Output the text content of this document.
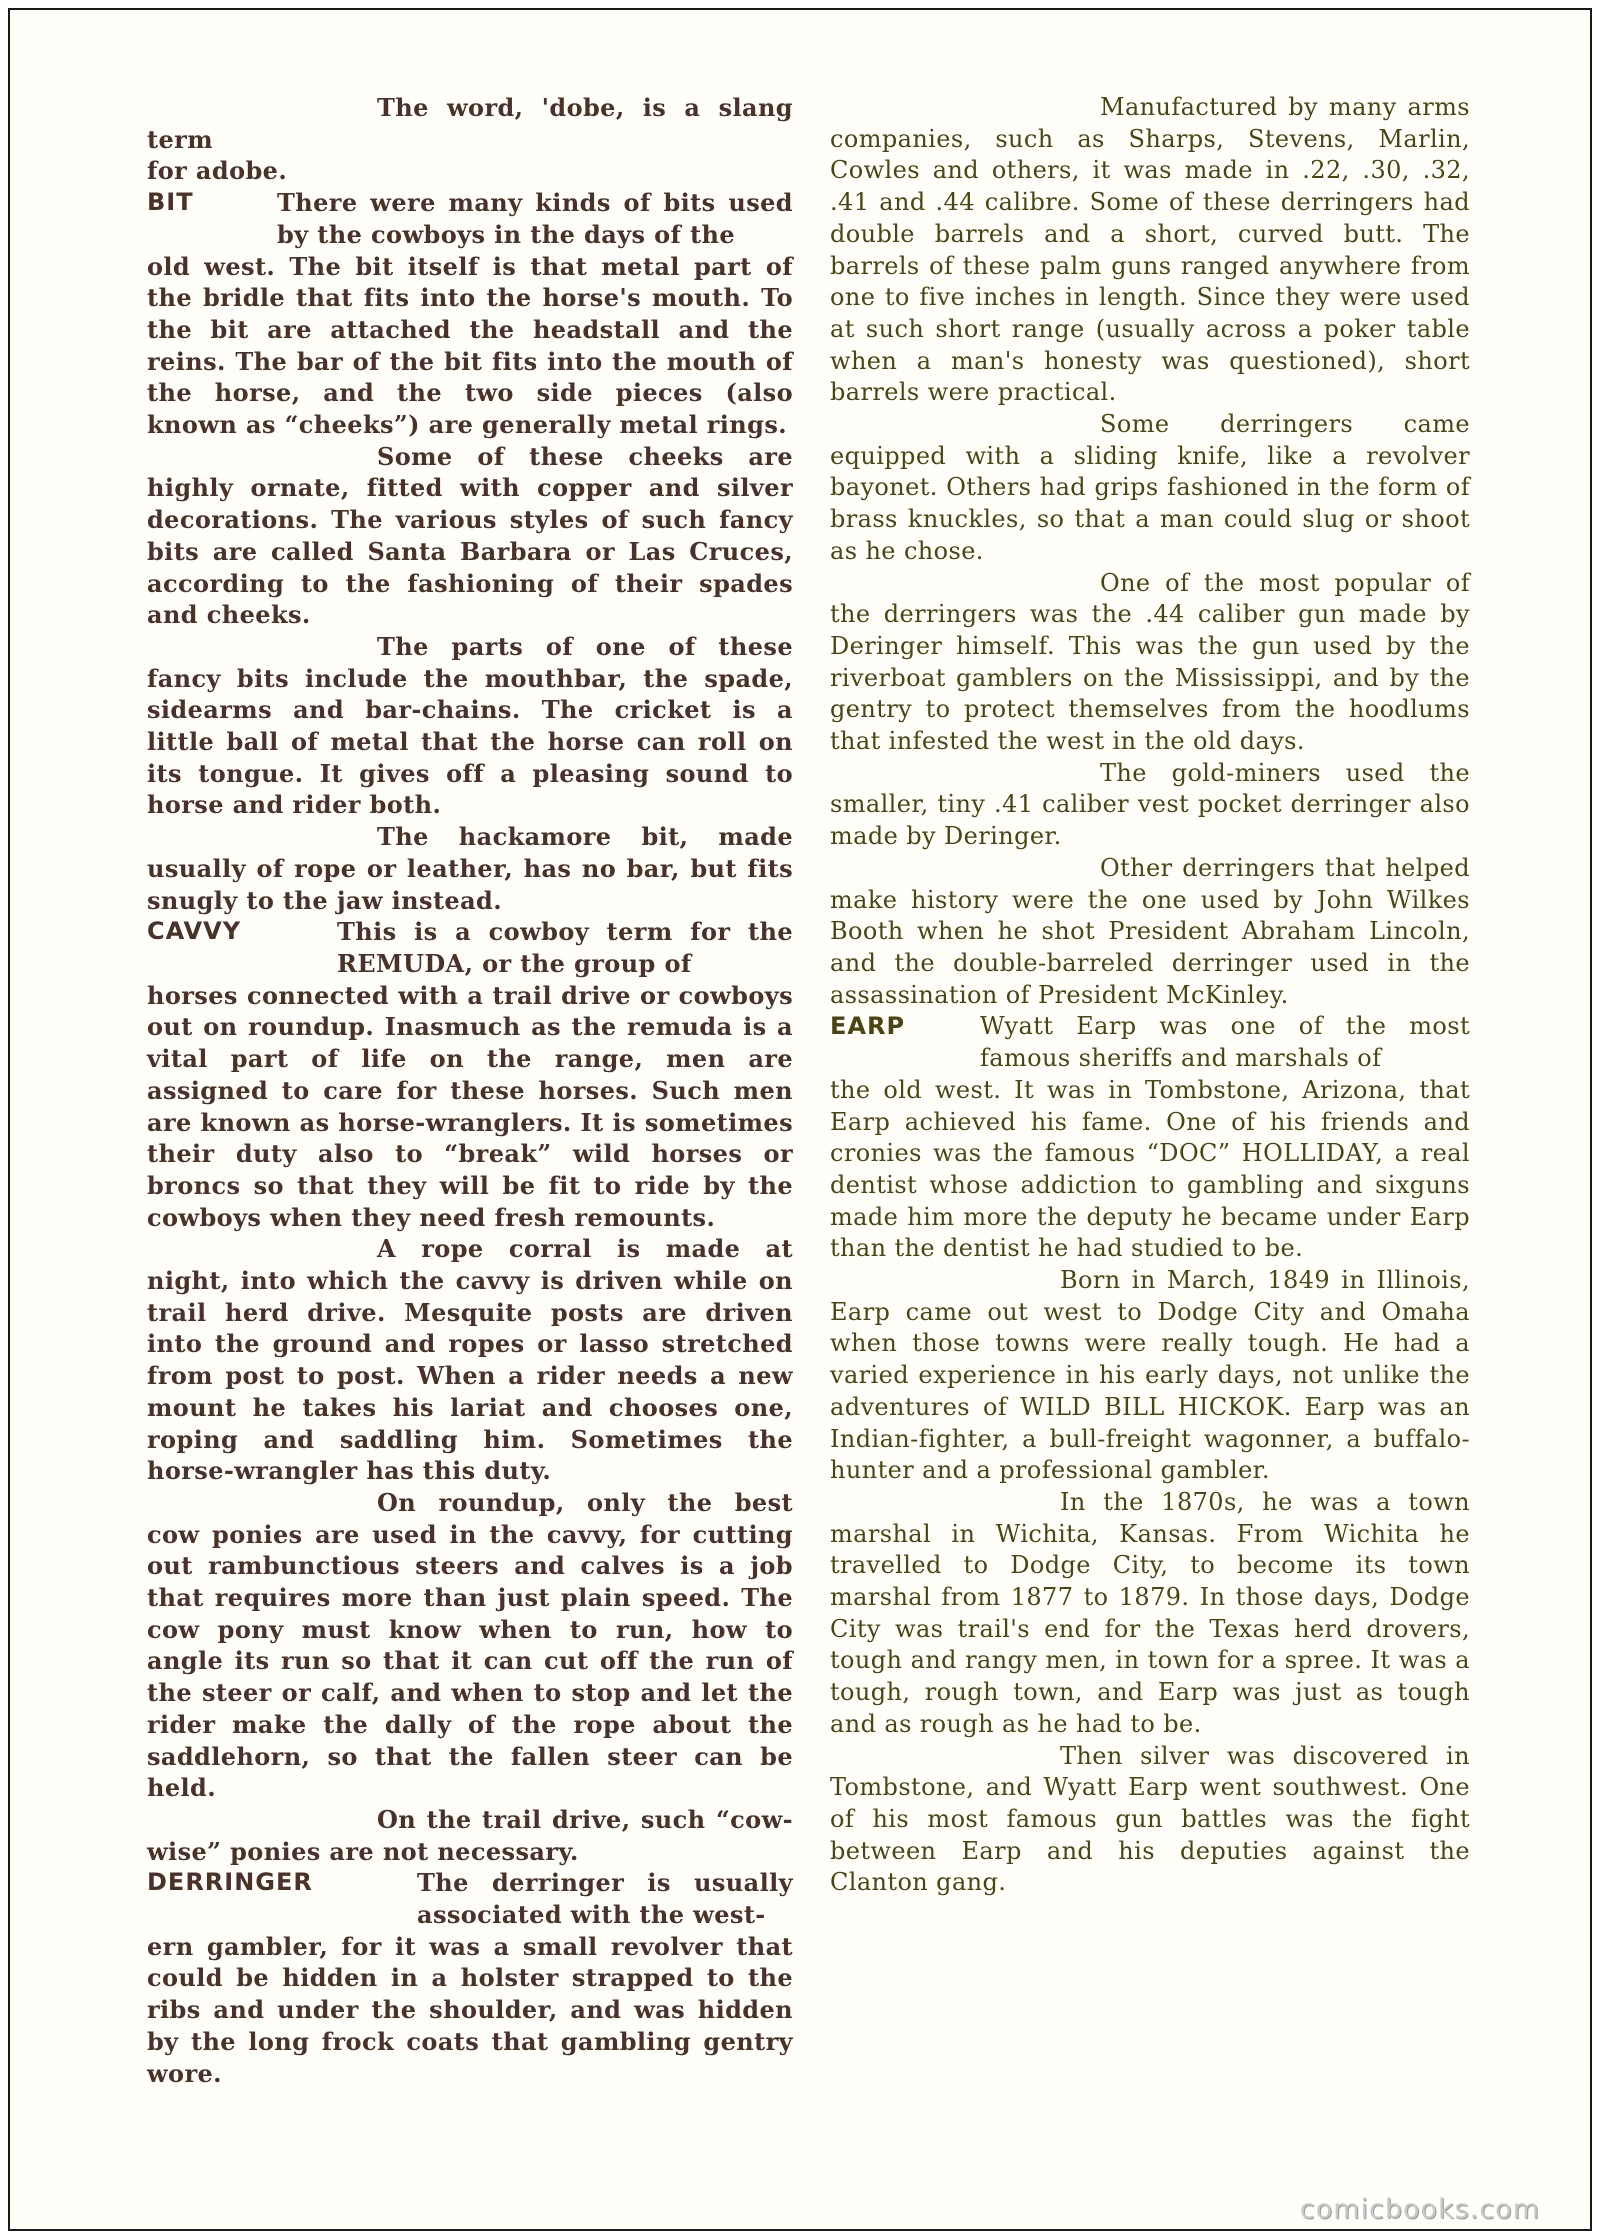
The word, 'dobe, is a slang term

for adobe.

BIT	There were many kinds of bits used by the cowboys in the days of the

old west. The bit itself is that metal part of the bridle that fits into the horse's mouth. To the bit are attached the headstall and the reins. The bar of the bit fits into the mouth of the horse, and the two side pieces (also known as “cheeks”) are generally metal rings.

Some of these cheeks are highly ornate, fitted with copper and silver decorations. The various styles of such fancy bits are called Santa Barbara or Las Cruces, according to the fashioning of their spades and cheeks.

The parts of one of these fancy bits include the mouthbar, the spade, sidearms and bar-chains. The cricket is a little ball of metal that the horse can roll on its tongue. It gives off a pleasing sound to horse and rider both.

The hackamore bit, made usually of rope or leather, has no bar, but fits snugly to the jaw instead.

CAVVY	This is a cowboy term for the REMUDA, or the group of

horses connected with a trail drive or cowboys out on roundup. Inasmuch as the remuda is a vital part of life on the range, men are assigned to care for these horses. Such men are known as horse-wranglers. It is sometimes their duty also to “break” wild horses or broncs so that they will be fit to ride by the cowboys when they need fresh remounts.

A rope corral is made at night, into which the cavvy is driven while on trail herd drive. Mesquite posts are driven into the ground and ropes or lasso stretched from post to post. When a rider needs a new mount he takes his lariat and chooses one, roping and saddling him. Sometimes the horse-wrangler has this duty.

On roundup, only the best cow ponies are used in the cavvy, for cutting out rambunctious steers and calves is a job that requires more than just plain speed. The cow pony must know when to run, how to angle its run so that it can cut off the run of the steer or calf, and when to stop and let the rider make the dally of the rope about the saddlehorn, so that the fallen steer can be held.

On the trail drive, such “cow-wise” ponies are not necessary.

DERRINGER	The derringer is usually associated with the west-

ern gambler, for it was a small revolver that could be hidden in a holster strapped to the ribs and under the shoulder, and was hidden by the long frock coats that gambling gentry wore.

Manufactured by many arms companies, such as Sharps, Stevens, Marlin, Cowles and others, it was made in .22, .30, .32, .41 and .44 calibre. Some of these derringers had double barrels and a short, curved butt. The barrels of these palm guns ranged anywhere from one to five inches in length. Since they were used at such short range (usually across a poker table when a man's honesty was questioned), short barrels were practical.

Some derringers came equipped with a sliding knife, like a revolver bayonet. Others had grips fashioned in the form of brass knuckles, so that a man could slug or shoot as he chose.

One of the most popular of the derringers was the .44 caliber gun made by Deringer himself. This was the gun used by the riverboat gamblers on the Mississippi, and by the gentry to protect themselves from the hoodlums that infested the west in the old days.

The gold-miners used the smaller, tiny .41 caliber vest pocket derringer also made by Deringer.

Other derringers that helped make history were the one used by John Wilkes Booth when he shot President Abraham Lincoln, and the double-barreled derringer used in the assassination of President McKinley.

EARP	Wyatt Earp was one of the most famous sheriffs and marshals of

the old west. It was in Tombstone, Arizona, that Earp achieved his fame. One of his friends and cronies was the famous “DOC” HOLLIDAY, a real dentist whose addiction to gambling and sixguns made him more the deputy he became under Earp than the dentist he had studied to be.

Born in March, 1849 in Illinois, Earp came out west to Dodge City and Omaha when those towns were really tough. He had a varied experience in his early days, not unlike the adventures of WILD BILL HICKOK. Earp was an Indian-fighter, a bull-freight wagonner, a buffalo-hunter and a professional gambler.

In the 1870s, he was a town marshal in Wichita, Kansas. From Wichita he travelled to Dodge City, to become its town marshal from 1877 to 1879. In those days, Dodge City was trail's end for the Texas herd drovers, tough and rangy men, in town for a spree. It was a tough, rough town, and Earp was just as tough and as rough as he had to be.

Then silver was discovered in Tombstone, and Wyatt Earp went southwest. One of his most famous gun battles was the fight between Earp and his deputies against the Clanton gang.

comicbooks.com
